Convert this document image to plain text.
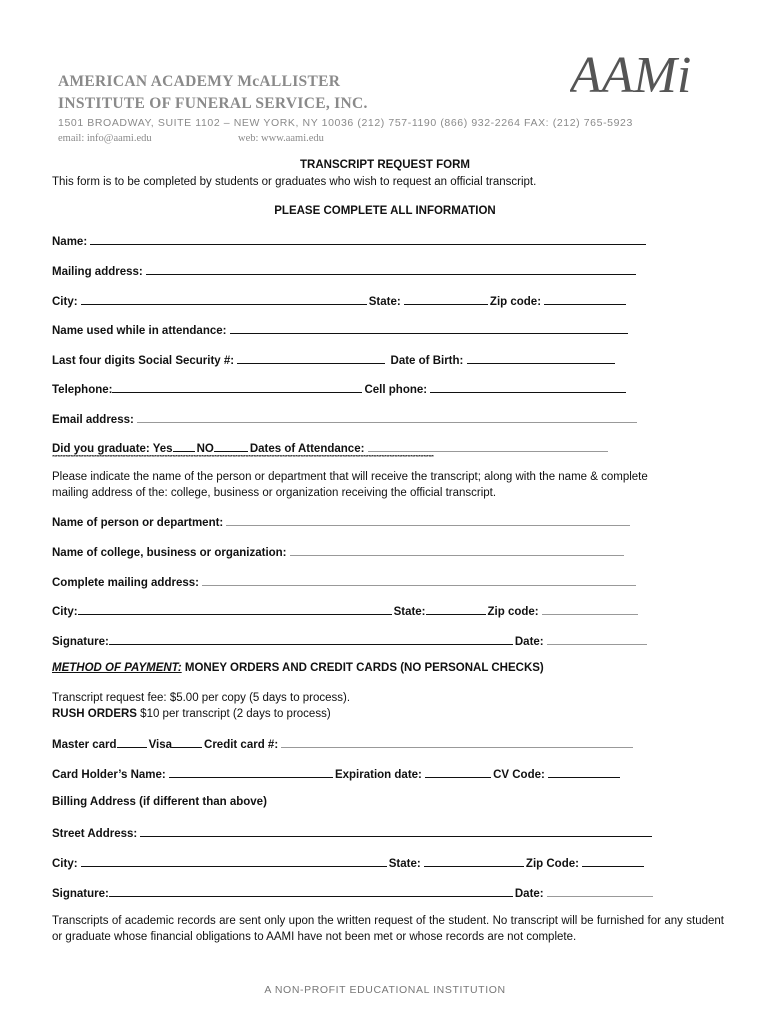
AMERICAN ACADEMY McALLISTER
INSTITUTE OF FUNERAL SERVICE, INC.
1501 BROADWAY, SUITE 1102 – NEW YORK, NY 10036 (212) 757-1190 (866) 932-2264 FAX: (212) 765-5923
email: info@aami.edu	web: www.aami.edu
AAMi
TRANSCRIPT REQUEST FORM
This form is to be completed by students or graduates who wish to request an official transcript.
PLEASE COMPLETE ALL INFORMATION
Name:
Mailing address:
City:	State:	Zip code:
Name used while in attendance:
Last four digits Social Security #:	Date of Birth:
Telephone:	Cell phone:
Email address:
Did you graduate: Yes NO	Dates of Attendance:
**************************************************************************************************************************************************
Please indicate the name of the person or department that will receive the transcript; along with the name & complete mailing address of the: college, business or organization receiving the official transcript.
Name of person or department:
Name of college, business or organization:
Complete mailing address:
City:	State:	Zip code:
Signature:	Date:
METHOD OF PAYMENT: MONEY ORDERS AND CREDIT CARDS (NO PERSONAL CHECKS)
Transcript request fee: $5.00 per copy (5 days to process).
RUSH ORDERS $10 per transcript (2 days to process)
Master card	Visa	Credit card #:
Card Holder’s Name:	Expiration date:	CV Code:
Billing Address (if different than above)
Street Address:
City:	State:	Zip Code:
Signature:	Date:
Transcripts of academic records are sent only upon the written request of the student. No transcript will be furnished for any student or graduate whose financial obligations to AAMI have not been met or whose records are not complete.
A NON-PROFIT EDUCATIONAL INSTITUTION
